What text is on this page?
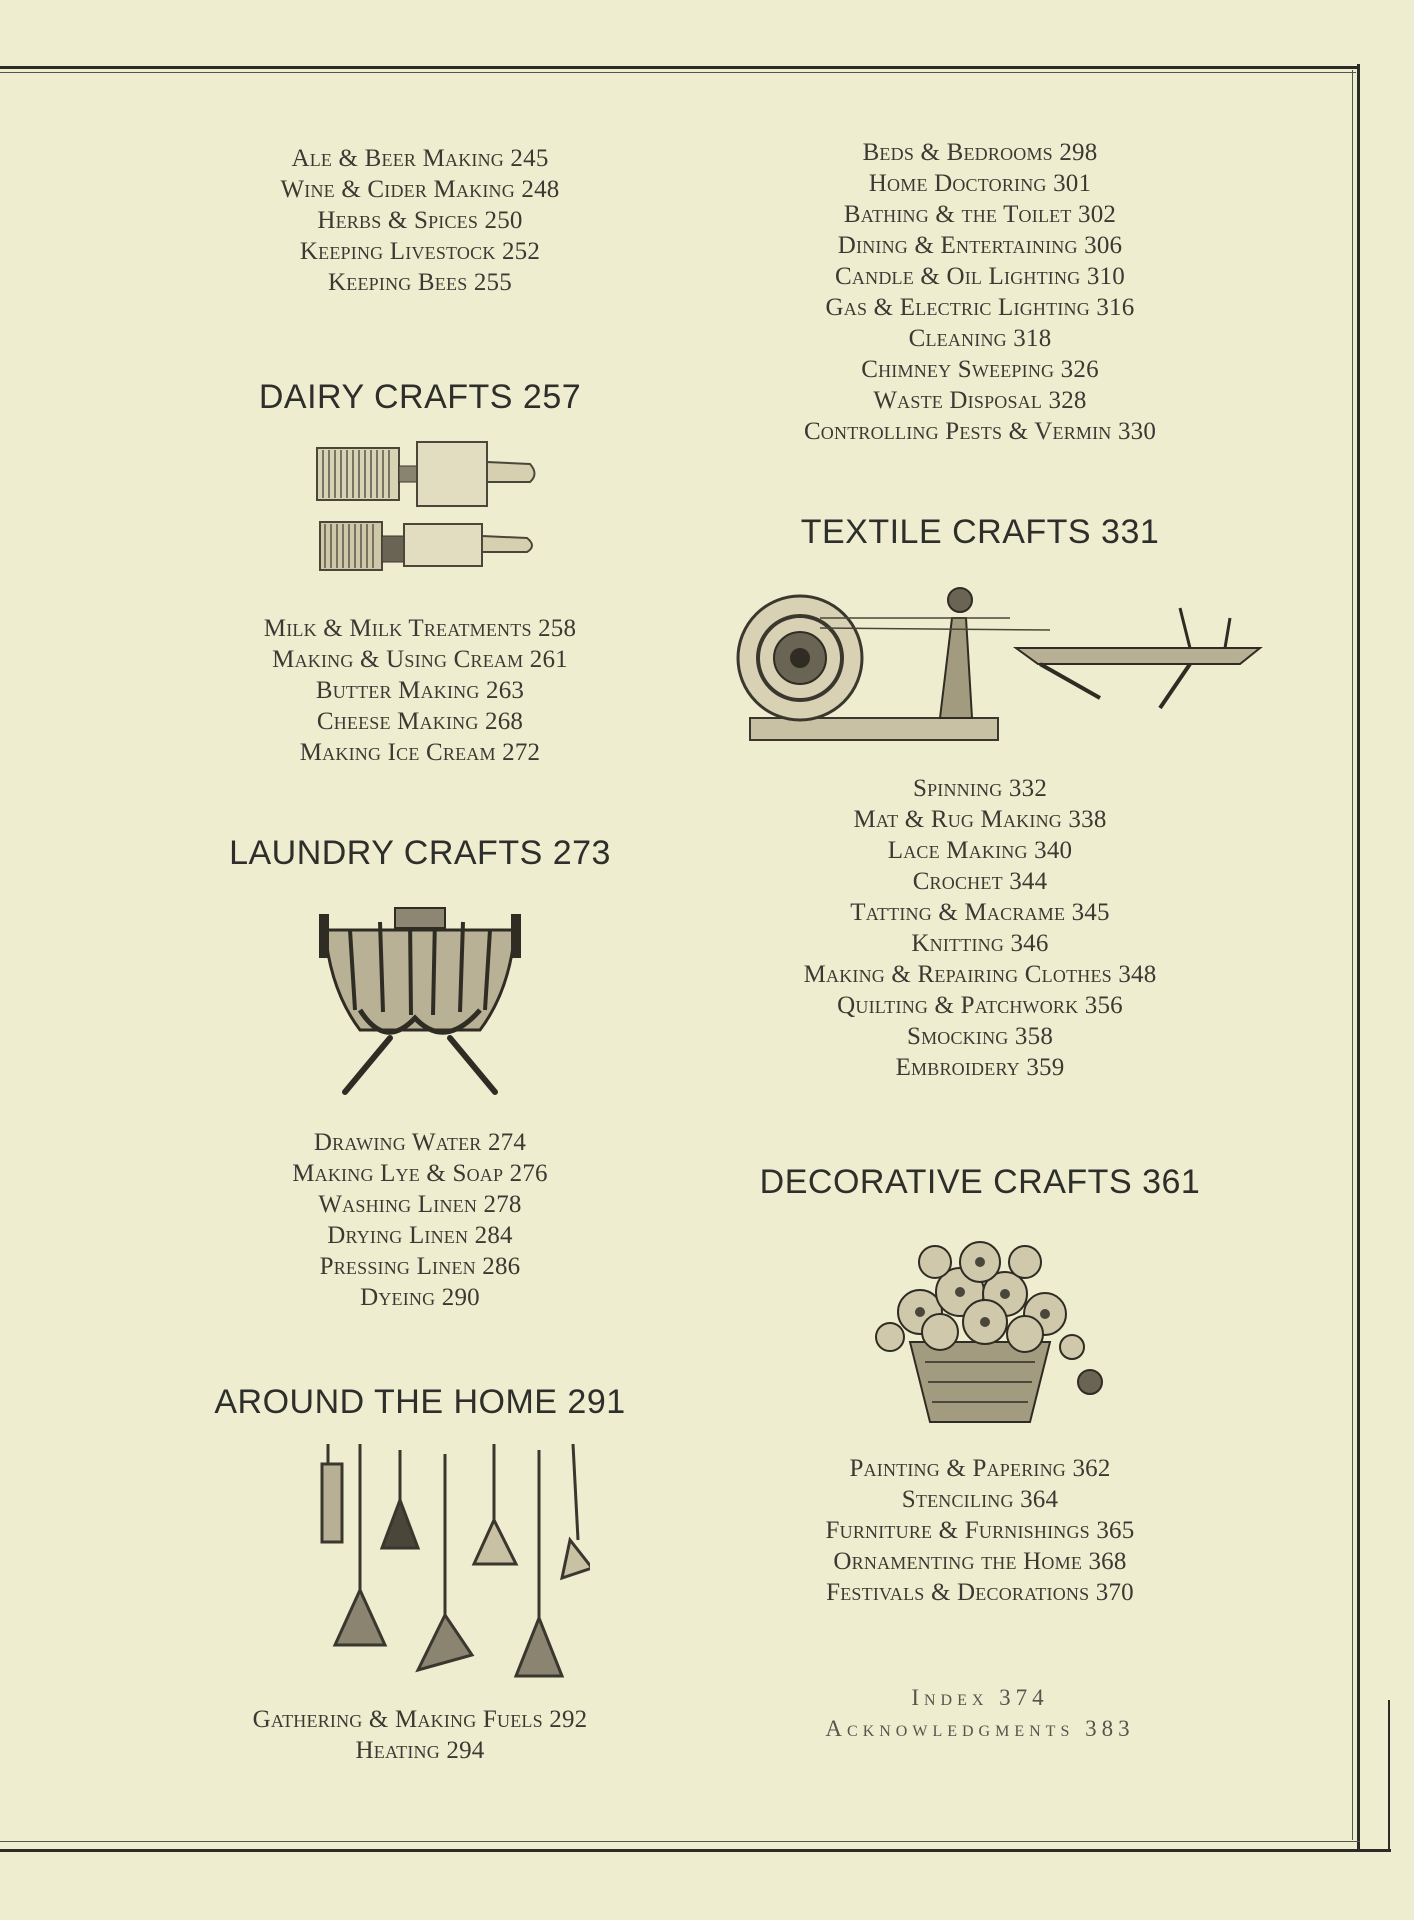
Ale & Beer Making 245
Wine & Cider Making 248
Herbs & Spices 250
Keeping Livestock 252
Keeping Bees 255
DAIRY CRAFTS 257
Milk & Milk Treatments 258
Making & Using Cream 261
Butter Making 263
Cheese Making 268
Making Ice Cream 272
LAUNDRY CRAFTS 273
Drawing Water 274
Making Lye & Soap 276
Washing Linen 278
Drying Linen 284
Pressing Linen 286
Dyeing 290
AROUND THE HOME 291
Gathering & Making Fuels 292
Heating 294
Beds & Bedrooms 298
Home Doctoring 301
Bathing & the Toilet 302
Dining & Entertaining 306
Candle & Oil Lighting 310
Gas & Electric Lighting 316
Cleaning 318
Chimney Sweeping 326
Waste Disposal 328
Controlling Pests & Vermin 330
TEXTILE CRAFTS 331
Spinning 332
Mat & Rug Making 338
Lace Making 340
Crochet 344
Tatting & Macrame 345
Knitting 346
Making & Repairing Clothes 348
Quilting & Patchwork 356
Smocking 358
Embroidery 359
DECORATIVE CRAFTS 361
Painting & Papering 362
Stenciling 364
Furniture & Furnishings 365
Ornamenting the Home 368
Festivals & Decorations 370
Index 374
Acknowledgments 383
